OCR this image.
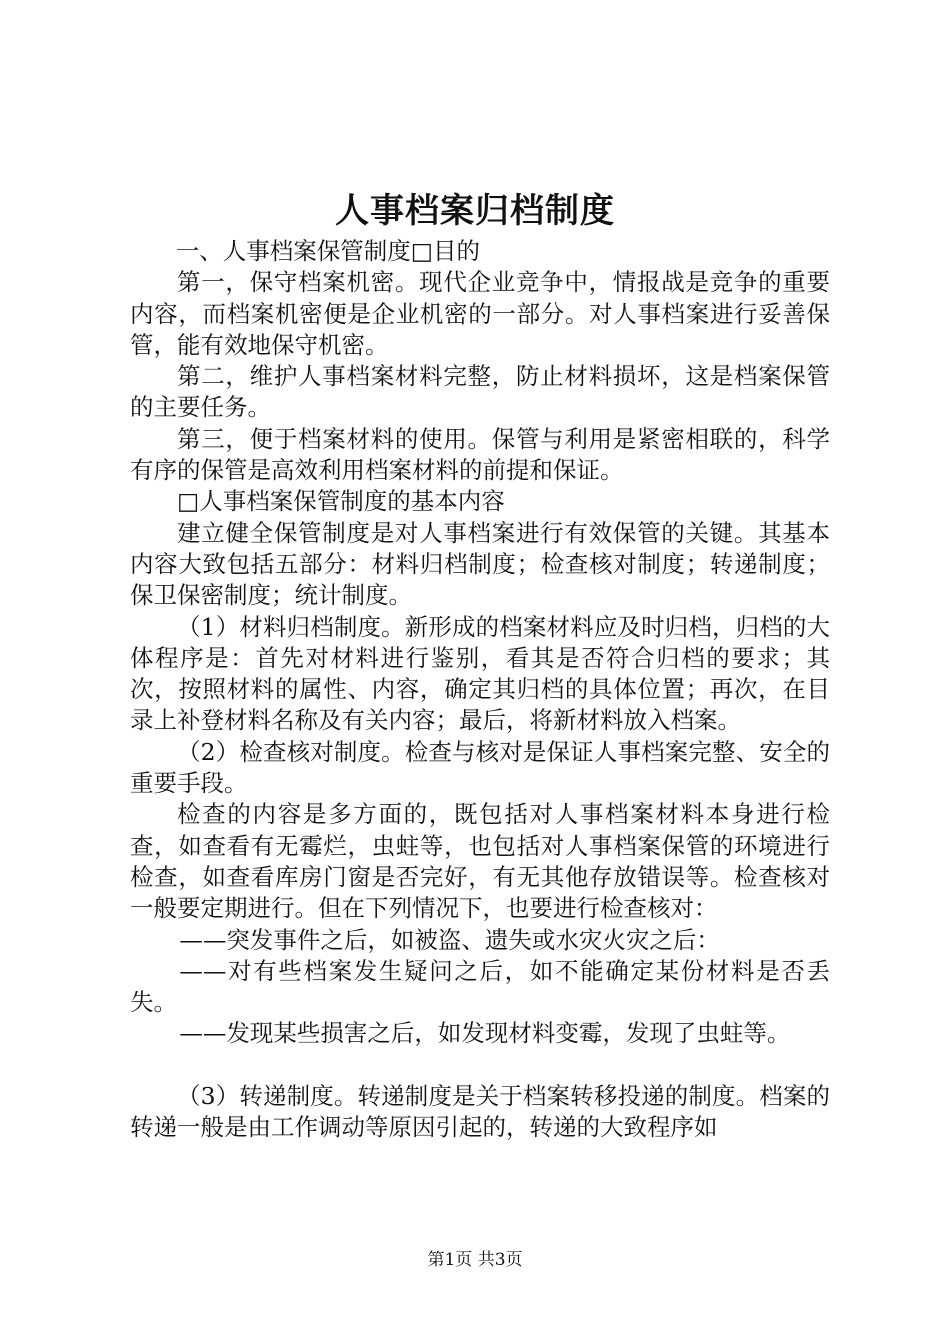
人事档案归档制度

一、人事档案保管制度□目的

第一，保守档案机密。现代企业竞争中，情报战是竞争的重要内容，而档案机密便是企业机密的一部分。对人事档案进行妥善保管，能有效地保守机密。

第二，维护人事档案材料完整，防止材料损坏，这是档案保管的主要任务。

第三，便于档案材料的使用。保管与利用是紧密相联的，科学有序的保管是高效利用档案材料的前提和保证。

□人事档案保管制度的基本内容

建立健全保管制度是对人事档案进行有效保管的关键。其基本内容大致包括五部分：材料归档制度；检查核对制度；转递制度；保卫保密制度；统计制度。

（1）材料归档制度。新形成的档案材料应及时归档，归档的大体程序是：首先对材料进行鉴别，看其是否符合归档的要求；其次，按照材料的属性、内容，确定其归档的具体位置；再次，在目录上补登材料名称及有关内容；最后，将新材料放入档案。

（2）检查核对制度。检查与核对是保证人事档案完整、安全的重要手段。

检查的内容是多方面的，既包括对人事档案材料本身进行检查，如查看有无霉烂，虫蛀等，也包括对人事档案保管的环境进行检查，如查看库房门窗是否完好，有无其他存放错误等。检查核对一般要定期进行。但在下列情况下，也要进行检查核对：

——突发事件之后，如被盗、遗失或水灾火灾之后：

——对有些档案发生疑问之后，如不能确定某份材料是否丢失。

——发现某些损害之后，如发现材料变霉，发现了虫蛀等。

（3）转递制度。转递制度是关于档案转移投递的制度。档案的转递一般是由工作调动等原因引起的，转递的大致程序如

第1页 共3页
